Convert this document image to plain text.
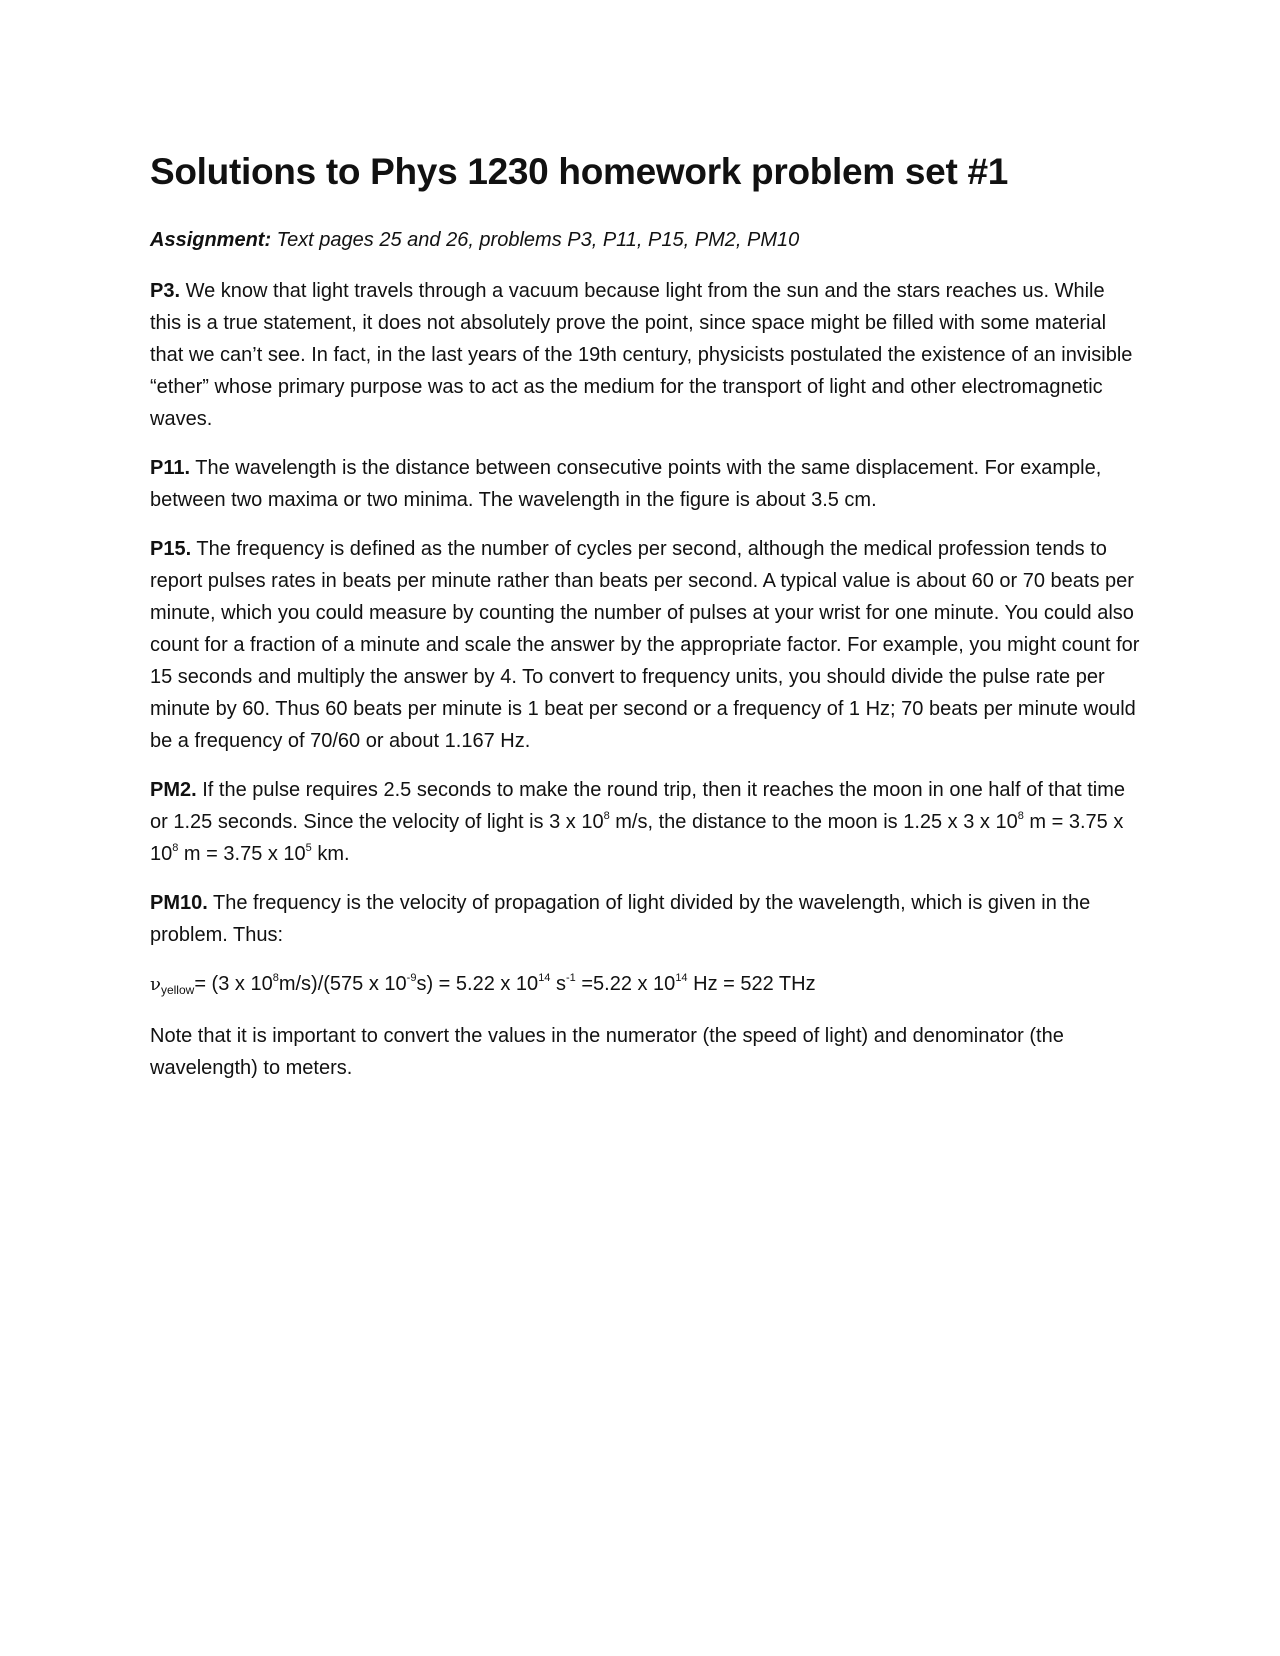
Solutions to Phys 1230 homework problem set #1

Assignment: Text pages 25 and 26, problems P3, P11, P15, PM2, PM10

P3. We know that light travels through a vacuum because light from the sun and the stars reaches us. While this is a true statement, it does not absolutely prove the point, since space might be filled with some material that we can’t see. In fact, in the last years of the 19th century, physicists postulated the existence of an invisible “ether” whose primary purpose was to act as the medium for the transport of light and other electromagnetic waves.

P11. The wavelength is the distance between consecutive points with the same displacement. For example, between two maxima or two minima. The wavelength in the figure is about 3.5 cm.

P15. The frequency is defined as the number of cycles per second, although the medical profession tends to report pulses rates in beats per minute rather than beats per second. A typical value is about 60 or 70 beats per minute, which you could measure by counting the number of pulses at your wrist for one minute. You could also count for a fraction of a minute and scale the answer by the appropriate factor. For example, you might count for 15 seconds and multiply the answer by 4. To convert to frequency units, you should divide the pulse rate per minute by 60. Thus 60 beats per minute is 1 beat per second or a frequency of 1 Hz; 70 beats per minute would be a frequency of 70/60 or about 1.167 Hz.

PM2. If the pulse requires 2.5 seconds to make the round trip, then it reaches the moon in one half of that time or 1.25 seconds. Since the velocity of light is 3 x $10^8$ m/s, the distance to the moon is 1.25 x 3 x $10^8$ m = 3.75 x $10^8$ m = 3.75 x $10^5$ km.

PM10. The frequency is the velocity of propagation of light divided by the wavelength, which is given in the problem. Thus:

$\nu_{yellow}= (3$ x $10^8m/s)/(575$ x $10^{-9}s) = 5.22$ x $10^{14}$ $s^{-1} =5.22$ x $10^{14}$ Hz = 522 THz

Note that it is important to convert the values in the numerator (the speed of light) and denominator (the wavelength) to meters.
